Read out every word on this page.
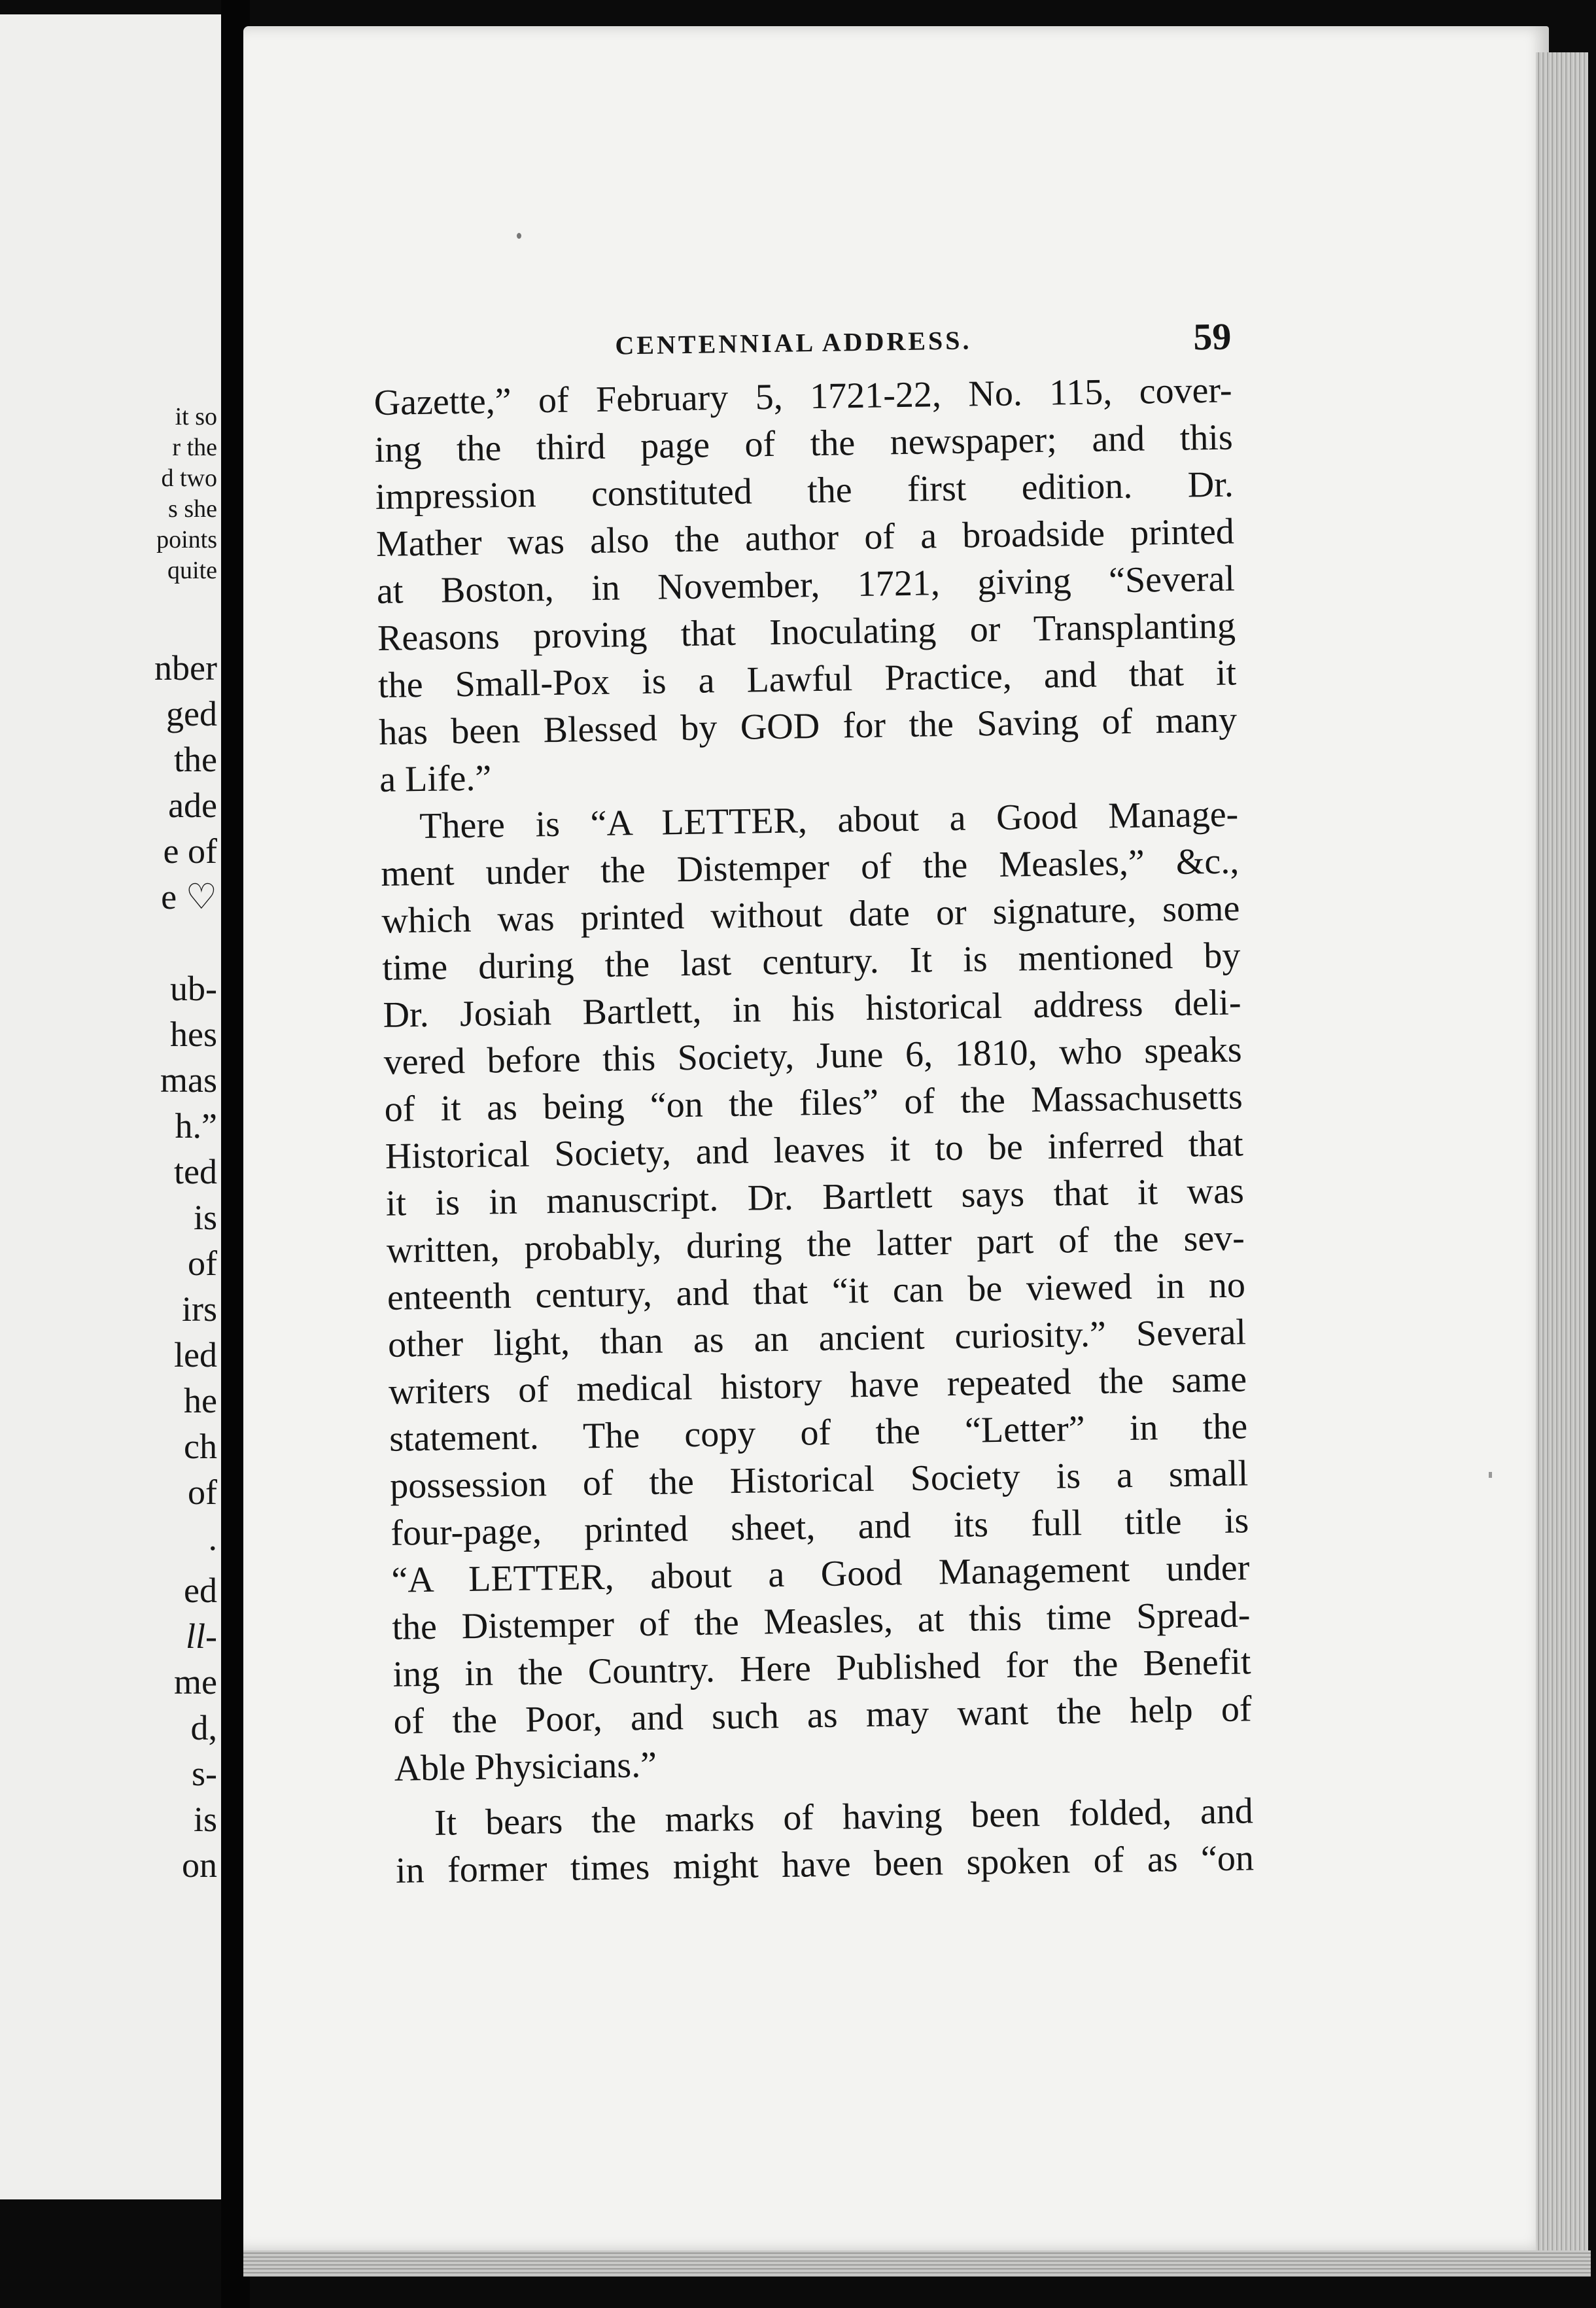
it so
r the
d two
s she
points
quite
nber
ged
the
ade
e of
e ♡
ub-
hes
mas
h.”
ted
is
of
irs
led
he
ch
of
.
ed
ll-
me
d,
s-
is
on
CENTENNIAL ADDRESS.	59
Gazette,” of February 5, 1721-22, No. 115, cover-
ing the third page of the newspaper; and this
impression constituted the first edition. Dr.
Mather was also the author of a broadside printed
at Boston, in November, 1721, giving “Several
Reasons proving that Inoculating or Transplanting
the Small-Pox is a Lawful Practice, and that it
has been Blessed by GOD for the Saving of many
a Life.”
There is “A LETTER, about a Good Manage-
ment under the Distemper of the Measles,” &c.,
which was printed without date or signature, some
time during the last century. It is mentioned by
Dr. Josiah Bartlett, in his historical address deli-
vered before this Society, June 6, 1810, who speaks
of it as being “on the files” of the Massachusetts
Historical Society, and leaves it to be inferred that
it is in manuscript. Dr. Bartlett says that it was
written, probably, during the latter part of the sev-
enteenth century, and that “it can be viewed in no
other light, than as an ancient curiosity.” Several
writers of medical history have repeated the same
statement. The copy of the “Letter” in the
possession of the Historical Society is a small
four-page, printed sheet, and its full title is
“A LETTER, about a Good Management under
the Distemper of the Measles, at this time Spread-
ing in the Country. Here Published for the Benefit
of the Poor, and such as may want the help of
Able Physicians.”
It bears the marks of having been folded, and
in former times might have been spoken of as “on
